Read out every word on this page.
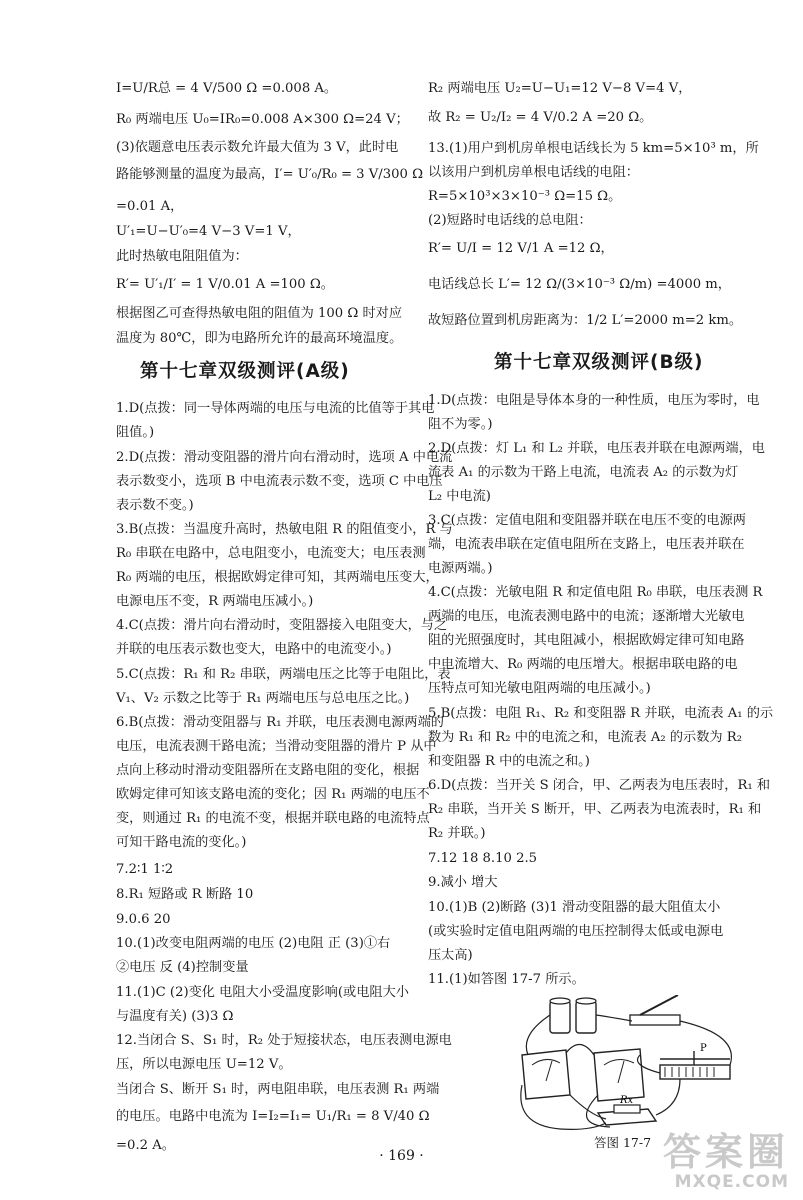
I=U/R总 = 4 V/500 Ω =0.008 A。
R₀ 两端电压 U₀=IR₀=0.008 A×300 Ω=24 V；
(3)依题意电压表示数允许最大值为 3 V，此时电
路能够测量的温度为最高，I′= U′₀/R₀ = 3 V/300 Ω
=0.01 A，
U′₁=U−U′₀=4 V−3 V=1 V，
此时热敏电阻阻值为：
R′= U′₁/I′ = 1 V/0.01 A =100 Ω。
根据图乙可查得热敏电阻的阻值为 100 Ω 时对应
温度为 80℃，即为电路所允许的最高环境温度。
1.D(点拨：同一导体两端的电压与电流的比值等于其电
阻值。)
2.D(点拨：滑动变阻器的滑片向右滑动时，选项 A 中电流
表示数变小，选项 B 中电流表示数不变，选项 C 中电压
表示数不变。)
3.B(点拨：当温度升高时，热敏电阻 R 的阻值变小，R 与
R₀ 串联在电路中，总电阻变小，电流变大；电压表测
R₀ 两端的电压，根据欧姆定律可知，其两端电压变大，
电源电压不变，R 两端电压减小。)
4.C(点拨：滑片向右滑动时，变阻器接入电阻变大，与之
并联的电压表示数也变大，电路中的电流变小。)
5.C(点拨：R₁ 和 R₂ 串联，两端电压之比等于电阻比，表
V₁、V₂ 示数之比等于 R₁ 两端电压与总电压之比。)
6.B(点拨：滑动变阻器与 R₁ 并联，电压表测电源两端的
电压，电流表测干路电流；当滑动变阻器的滑片 P 从中
点向上移动时滑动变阻器所在支路电阻的变化，根据
欧姆定律可知该支路电流的变化；因 R₁ 两端的电压不
变，则通过 R₁ 的电流不变，根据并联电路的电流特点
可知干路电流的变化。)
7.2∶1 1∶2
8.R₁ 短路或 R 断路 10
9.0.6 20
10.(1)改变电阻两端的电压 (2)电阻 正 (3)①右
②电压 反 (4)控制变量
11.(1)C (2)变化 电阻大小受温度影响(或电阻大小
与温度有关) (3)3 Ω
12.当闭合 S、S₁ 时，R₂ 处于短接状态，电压表测电源电
压，所以电源电压 U=12 V。
当闭合 S、断开 S₁ 时，两电阻串联，电压表测 R₁ 两端
的电压。电路中电流为 I=I₂=I₁= U₁/R₁ = 8 V/40 Ω
=0.2 A。
R₂ 两端电压 U₂=U−U₁=12 V−8 V=4 V，
故 R₂ = U₂/I₂ = 4 V/0.2 A =20 Ω。
13.(1)用户到机房单根电话线长为 5 km=5×10³ m，所
以该用户到机房单根电话线的电阻：
R=5×10³×3×10⁻³ Ω=15 Ω。
(2)短路时电话线的总电阻：
R′= U/I = 12 V/1 A =12 Ω，
电话线总长 L′= 12 Ω/(3×10⁻³ Ω/m) =4000 m，
故短路位置到机房距离为：1/2 L′=2000 m=2 km。
1.D(点拨：电阻是导体本身的一种性质，电压为零时，电
阻不为零。)
2.D(点拨：灯 L₁ 和 L₂ 并联，电压表并联在电源两端，电
流表 A₁ 的示数为干路上电流，电流表 A₂ 的示数为灯
L₂ 中电流)
3.C(点拨：定值电阻和变阻器并联在电压不变的电源两
端，电流表串联在定值电阻所在支路上，电压表并联在
电源两端。)
4.C(点拨：光敏电阻 R 和定值电阻 R₀ 串联，电压表测 R
两端的电压，电流表测电路中的电流；逐渐增大光敏电
阻的光照强度时，其电阻减小，根据欧姆定律可知电路
中电流增大、R₀ 两端的电压增大。根据串联电路的电
压特点可知光敏电阻两端的电压减小。)
5.B(点拨：电阻 R₁、R₂ 和变阻器 R 并联，电流表 A₁ 的示
数为 R₁ 和 R₂ 中的电流之和，电流表 A₂ 的示数为 R₂
和变阻器 R 中的电流之和。)
6.D(点拨：当开关 S 闭合，甲、乙两表为电压表时，R₁ 和
R₂ 串联，当开关 S 断开，甲、乙两表为电流表时，R₁ 和
R₂ 并联。)
7.12 18 8.10 2.5
9.减小 增大
10.(1)B (2)断路 (3)1 滑动变阻器的最大阻值太小
(或实验时定值电阻两端的电压控制得太低或电源电
压太高)
11.(1)如答图 17-7 所示。
第十七章双级测评(A级)	第十七章双级测评(B级)
P
Rx
答图 17-7
· 169 ·	答案圈
MXQE.COM
